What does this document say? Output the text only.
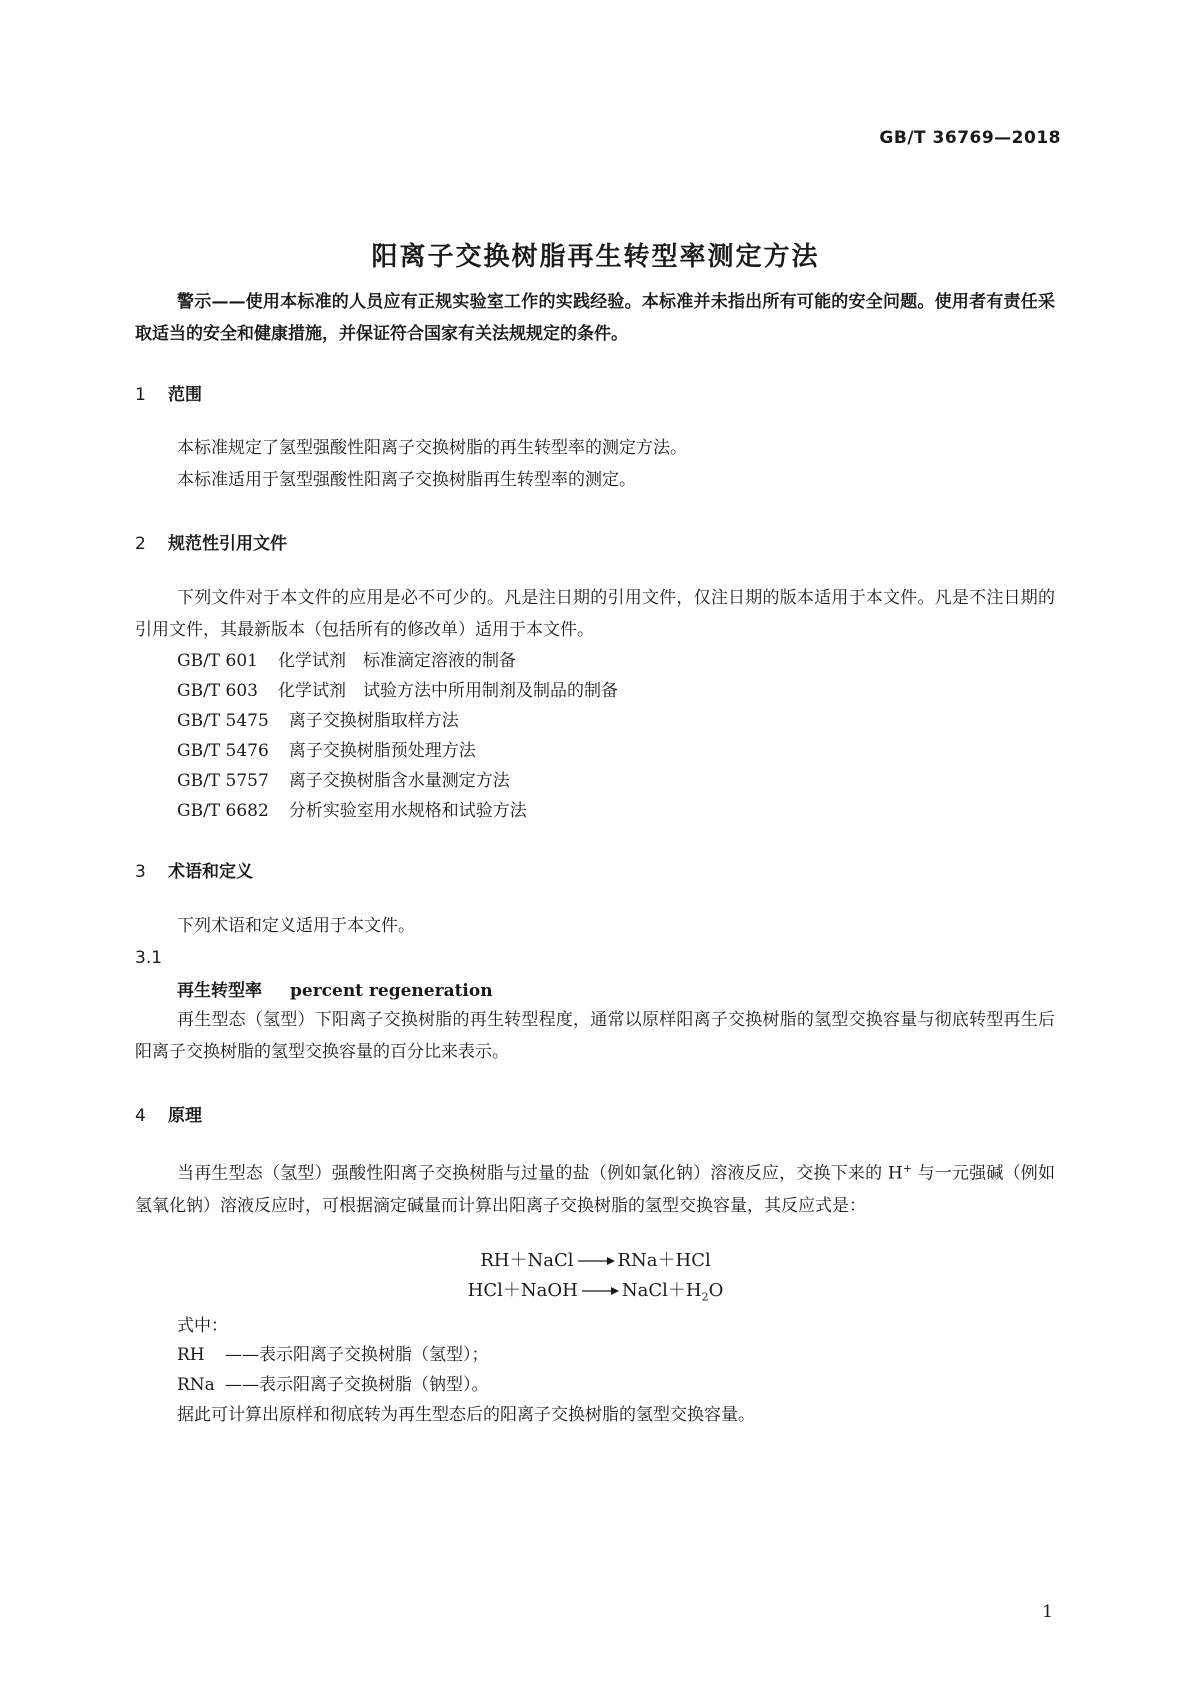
GB/T 36769—2018
阳离子交换树脂再生转型率测定方法
警示——使用本标准的人员应有正规实验室工作的实践经验。本标准并未指出所有可能的安全问题。使用者有责任采取适当的安全和健康措施，并保证符合国家有关法规规定的条件。
1 范围
本标准规定了氢型强酸性阳离子交换树脂的再生转型率的测定方法。
本标准适用于氢型强酸性阳离子交换树脂再生转型率的测定。
2 规范性引用文件
下列文件对于本文件的应用是必不可少的。凡是注日期的引用文件，仅注日期的版本适用于本文件。凡是不注日期的引用文件，其最新版本（包括所有的修改单）适用于本文件。
GB/T 601 化学试剂　标准滴定溶液的制备
GB/T 603 化学试剂　试验方法中所用制剂及制品的制备
GB/T 5475 离子交换树脂取样方法
GB/T 5476 离子交换树脂预处理方法
GB/T 5757 离子交换树脂含水量测定方法
GB/T 6682 分析实验室用水规格和试验方法
3 术语和定义
下列术语和定义适用于本文件。
3.1
再生转型率 percent regeneration
再生型态（氢型）下阳离子交换树脂的再生转型程度，通常以原样阳离子交换树脂的氢型交换容量与彻底转型再生后阳离子交换树脂的氢型交换容量的百分比来表示。
4 原理
当再生型态（氢型）强酸性阳离子交换树脂与过量的盐（例如氯化钠）溶液反应，交换下来的 H+ 与一元强碱（例如氢氧化钠）溶液反应时，可根据滴定碱量而计算出阳离子交换树脂的氢型交换容量，其反应式是：
RH＋NaCl → RNa＋HCl
HCl＋NaOH → $NaCl+H_2O$
式中：
RH ——表示阳离子交换树脂（氢型）；
RNa ——表示阳离子交换树脂（钠型）。
据此可计算出原样和彻底转为再生型态后的阳离子交换树脂的氢型交换容量。
1
